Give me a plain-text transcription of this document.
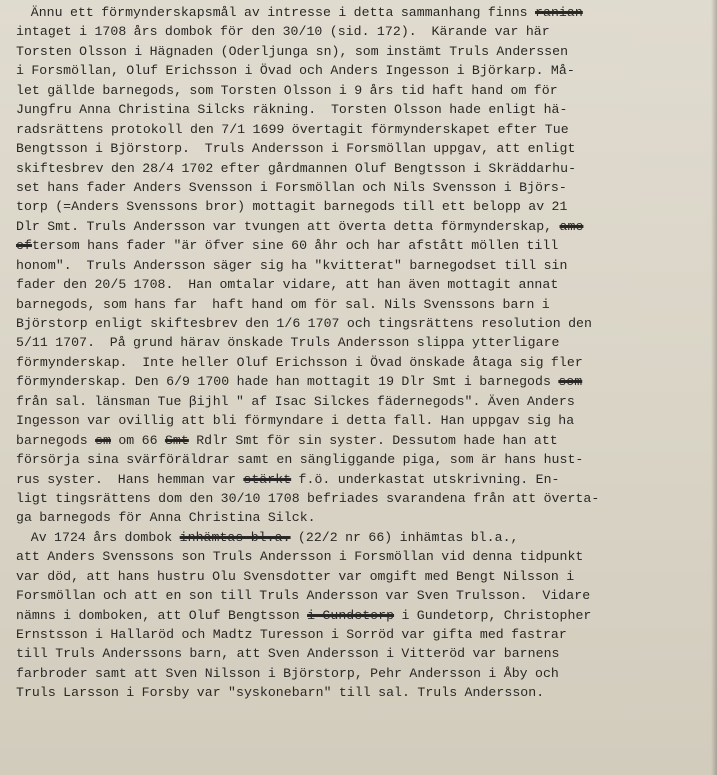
Ännu ett förmynderskapsmål av intresse i detta sammanhang finns ranian
intaget i 1708 års dombok för den 30/10 (sid. 172).  Kärande var här
Torsten Olsson i Hägnaden (Oderljunga sn), som instämt Truls Anderssen
i Forsmöllan, Oluf Erichsson i Övad och Anders Ingesson i Björkarp. Må-
let gällde barnegods, som Torsten Olsson i 9 års tid haft hand om för
Jungfru Anna Christina Silcks räkning.  Torsten Olsson hade enligt hä-
radsrättens protokoll den 7/1 1699 övertagit förmynderskapet efter Tue
Bengtsson i Björstorp.  Truls Andersson i Forsmöllan uppgav, att enligt
skiftesbrev den 28/4 1702 efter gårdmannen Oluf Bengtsson i Skräddarhu-
set hans fader Anders Svensson i Forsmöllan och Nils Svensson i Björs-
torp (=Anders Svenssons bror) mottagit barnegods till ett belopp av 21
Dlr Smt. Truls Andersson var tvungen att överta detta förmynderskap, ame
eftersom hans fader "är öfver sine 60 åhr och har afstått möllen till
honom".  Truls Andersson säger sig ha "kvitterat" barnegodset till sin
fader den 20/5 1708.  Han omtalar vidare, att han även mottagit annat
barnegods, som hans far  haft hand om för sal. Nils Svenssons barn i
Björstorp enligt skiftesbrev den 1/6 1707 och tingsrättens resolution den
5/11 1707.  På grund härav önskade Truls Andersson slippa ytterligare
förmynderskap.  Inte heller Oluf Erichsson i Övad önskade åtaga sig fler
förmynderskap. Den 6/9 1700 hade han mottagit 19 Dlr Smt i barnegods som
från sal. länsman Tue βijhl " af Isac Silckes fädernegods". Även Anders
Ingesson var ovillig att bli förmyndare i detta fall. Han uppgav sig ha
barnegods sm om 66 Smt Rdlr Smt för sin syster. Dessutom hade han att
försörja sina svärföräldrar samt en sängliggande piga, som är hans hust-
rus syster.  Hans hemman var stärkt f.ö. underkastat utskrivning. En-
ligt tingsrättens dom den 30/10 1708 befriades svarandena från att överta-
ga barnegods för Anna Christina Silck.
Av 1724 års dombok inhämtas bl.a. (22/2 nr 66) inhämtas bl.a.,
att Anders Svenssons son Truls Andersson i Forsmöllan vid denna tidpunkt
var död, att hans hustru Olu Svensdotter var omgift med Bengt Nilsson i
Forsmöllan och att en son till Truls Andersson var Sven Trulsson.  Vidare
nämns i domboken, att Oluf Bengtsson i Gundetorp i Gundetorp, Christopher
Ernstsson i Hallaröd och Madtz Turesson i Sorröd var gifta med fastrar
till Truls Anderssons barn, att Sven Andersson i Vitteröd var barnens
farbroder samt att Sven Nilsson i Björstorp, Pehr Andersson i Åby och
Truls Larsson i Forsby var "syskonebarn" till sal. Truls Andersson.
